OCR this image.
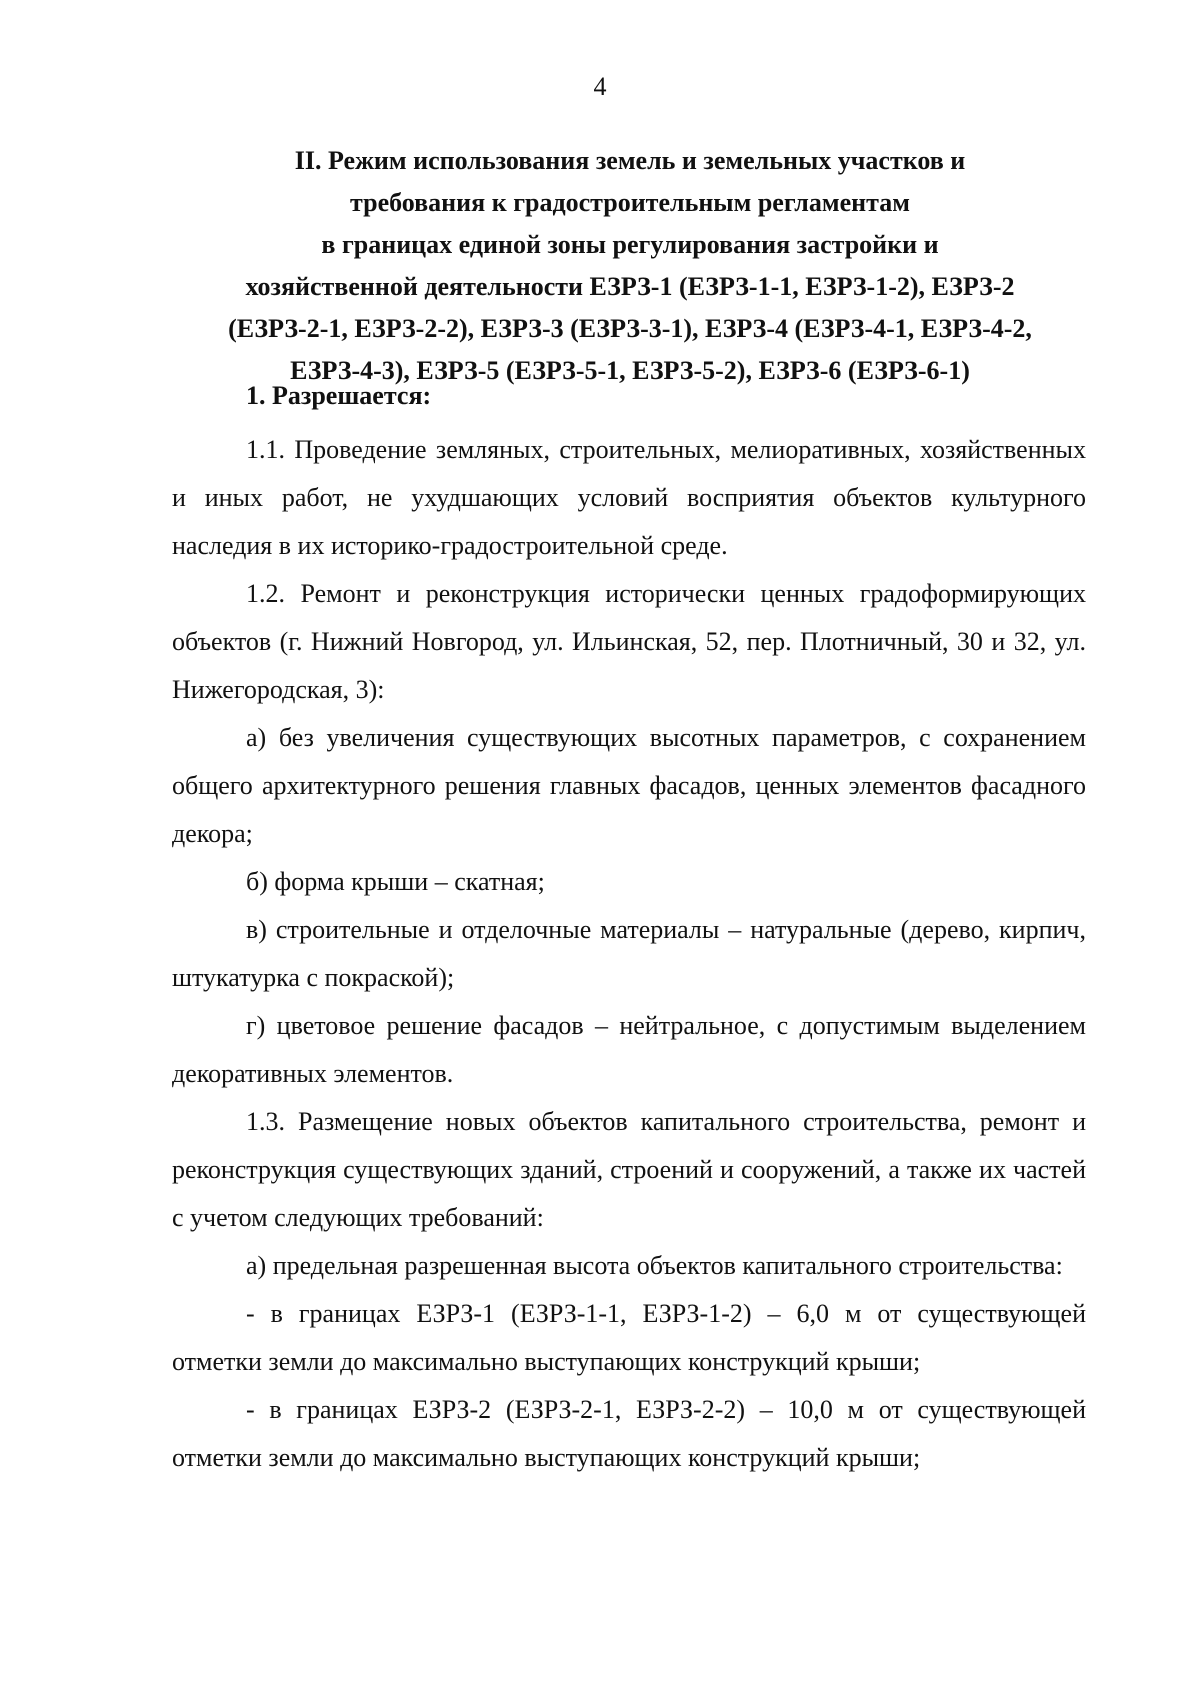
4
II. Режим использования земель и земельных участков и
требования к градостроительным регламентам
в границах единой зоны регулирования застройки и
хозяйственной деятельности ЕЗРЗ-1 (ЕЗРЗ-1-1, ЕЗРЗ-1-2), ЕЗРЗ-2
(ЕЗРЗ-2-1, ЕЗРЗ-2-2), ЕЗРЗ-3 (ЕЗРЗ-3-1), ЕЗРЗ-4 (ЕЗРЗ-4-1, ЕЗРЗ-4-2,
ЕЗРЗ-4-3), ЕЗРЗ-5 (ЕЗРЗ-5-1, ЕЗРЗ-5-2), ЕЗРЗ-6 (ЕЗРЗ-6-1)

1. Разрешается:

1.1. Проведение земляных, строительных, мелиоративных, хозяйственных и иных работ, не ухудшающих условий восприятия объектов культурного наследия в их историко-градостроительной среде.

1.2. Ремонт и реконструкция исторически ценных градоформирующих объектов (г. Нижний Новгород, ул. Ильинская, 52, пер. Плотничный, 30 и 32, ул. Нижегородская, 3):

а) без увеличения существующих высотных параметров, с сохранением общего архитектурного решения главных фасадов, ценных элементов фасадного декора;

б) форма крыши – скатная;

в) строительные и отделочные материалы – натуральные (дерево, кирпич, штукатурка с покраской);

г) цветовое решение фасадов – нейтральное, с допустимым выделением декоративных элементов.

1.3. Размещение новых объектов капитального строительства, ремонт и реконструкция существующих зданий, строений и сооружений, а также их частей с учетом следующих требований:

а) предельная разрешенная высота объектов капитального строительства:

- в границах ЕЗРЗ-1 (ЕЗРЗ-1-1, ЕЗРЗ-1-2) – 6,0 м от существующей отметки земли до максимально выступающих конструкций крыши;

- в границах ЕЗРЗ-2 (ЕЗРЗ-2-1, ЕЗРЗ-2-2) – 10,0 м от существующей отметки земли до максимально выступающих конструкций крыши;
